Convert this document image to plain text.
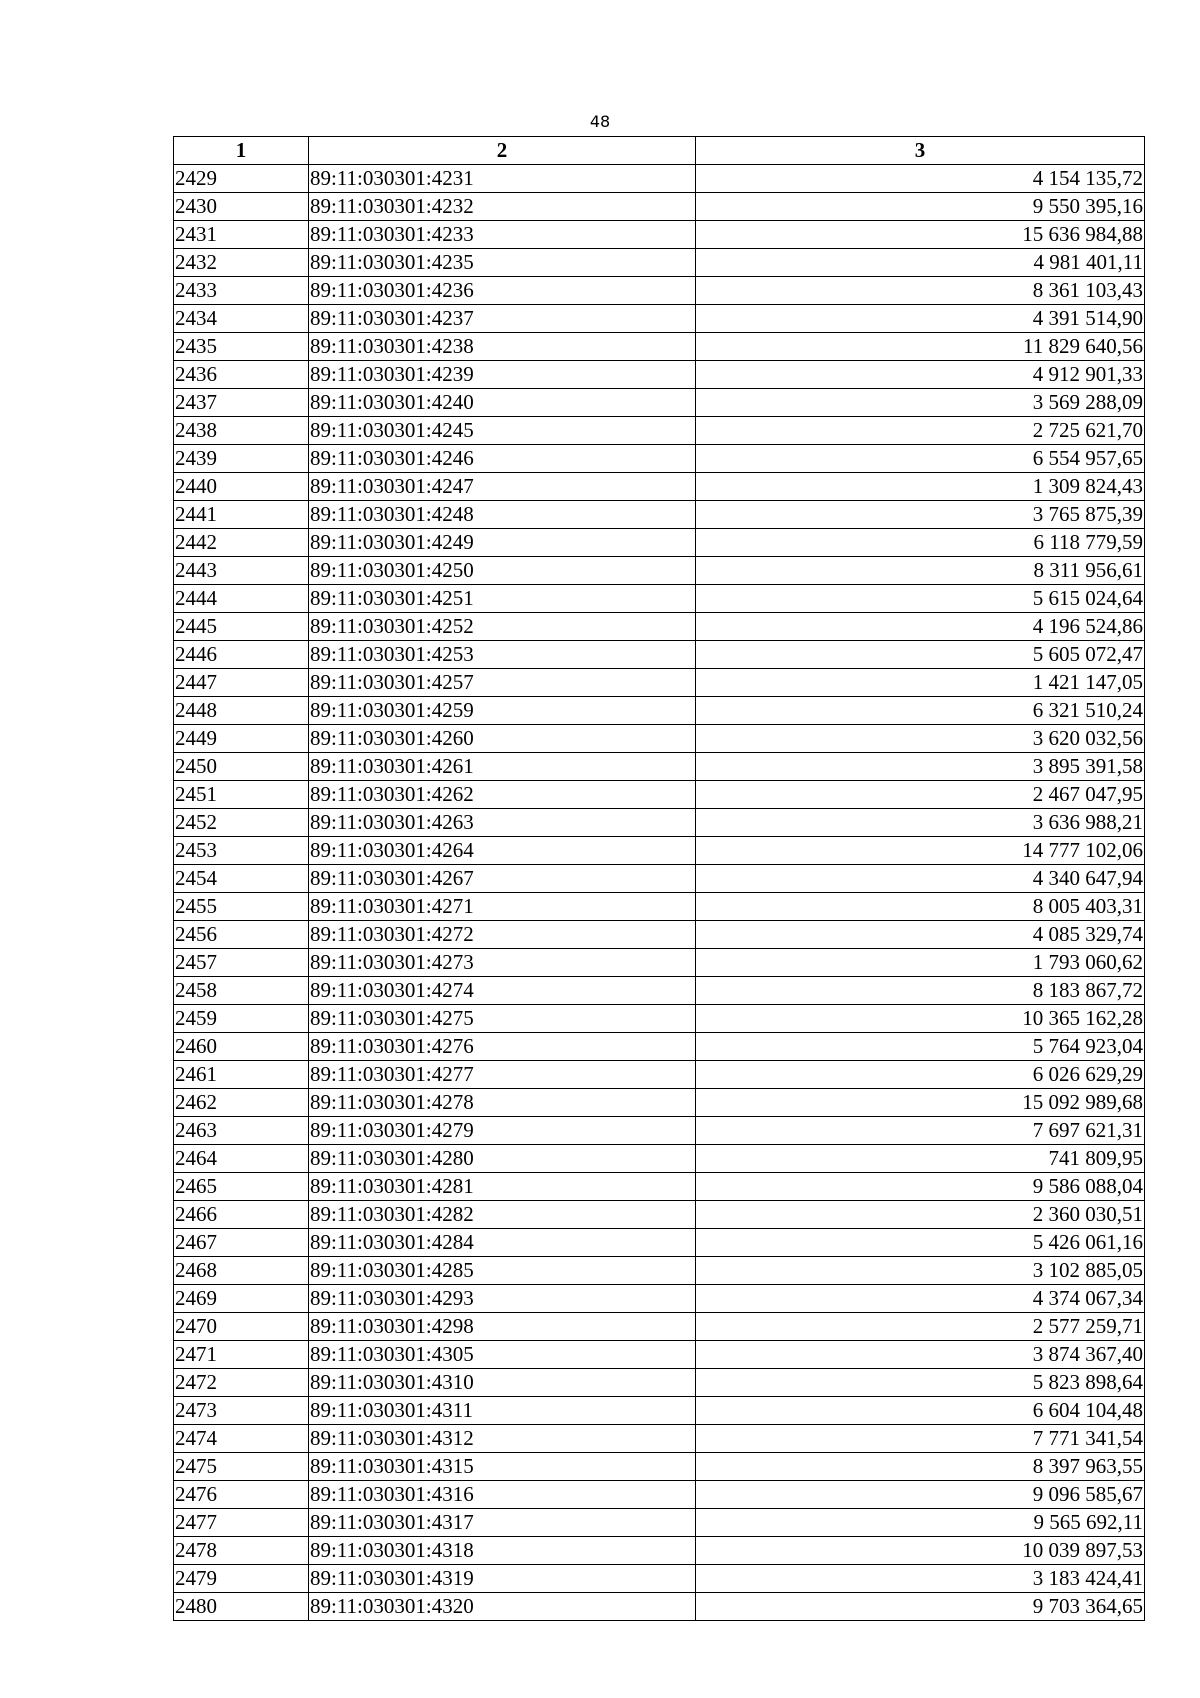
48
1	2	3
2429	89:11:030301:4231	4 154 135,72
2430	89:11:030301:4232	9 550 395,16
2431	89:11:030301:4233	15 636 984,88
2432	89:11:030301:4235	4 981 401,11
2433	89:11:030301:4236	8 361 103,43
2434	89:11:030301:4237	4 391 514,90
2435	89:11:030301:4238	11 829 640,56
2436	89:11:030301:4239	4 912 901,33
2437	89:11:030301:4240	3 569 288,09
2438	89:11:030301:4245	2 725 621,70
2439	89:11:030301:4246	6 554 957,65
2440	89:11:030301:4247	1 309 824,43
2441	89:11:030301:4248	3 765 875,39
2442	89:11:030301:4249	6 118 779,59
2443	89:11:030301:4250	8 311 956,61
2444	89:11:030301:4251	5 615 024,64
2445	89:11:030301:4252	4 196 524,86
2446	89:11:030301:4253	5 605 072,47
2447	89:11:030301:4257	1 421 147,05
2448	89:11:030301:4259	6 321 510,24
2449	89:11:030301:4260	3 620 032,56
2450	89:11:030301:4261	3 895 391,58
2451	89:11:030301:4262	2 467 047,95
2452	89:11:030301:4263	3 636 988,21
2453	89:11:030301:4264	14 777 102,06
2454	89:11:030301:4267	4 340 647,94
2455	89:11:030301:4271	8 005 403,31
2456	89:11:030301:4272	4 085 329,74
2457	89:11:030301:4273	1 793 060,62
2458	89:11:030301:4274	8 183 867,72
2459	89:11:030301:4275	10 365 162,28
2460	89:11:030301:4276	5 764 923,04
2461	89:11:030301:4277	6 026 629,29
2462	89:11:030301:4278	15 092 989,68
2463	89:11:030301:4279	7 697 621,31
2464	89:11:030301:4280	741 809,95
2465	89:11:030301:4281	9 586 088,04
2466	89:11:030301:4282	2 360 030,51
2467	89:11:030301:4284	5 426 061,16
2468	89:11:030301:4285	3 102 885,05
2469	89:11:030301:4293	4 374 067,34
2470	89:11:030301:4298	2 577 259,71
2471	89:11:030301:4305	3 874 367,40
2472	89:11:030301:4310	5 823 898,64
2473	89:11:030301:4311	6 604 104,48
2474	89:11:030301:4312	7 771 341,54
2475	89:11:030301:4315	8 397 963,55
2476	89:11:030301:4316	9 096 585,67
2477	89:11:030301:4317	9 565 692,11
2478	89:11:030301:4318	10 039 897,53
2479	89:11:030301:4319	3 183 424,41
2480	89:11:030301:4320	9 703 364,65
